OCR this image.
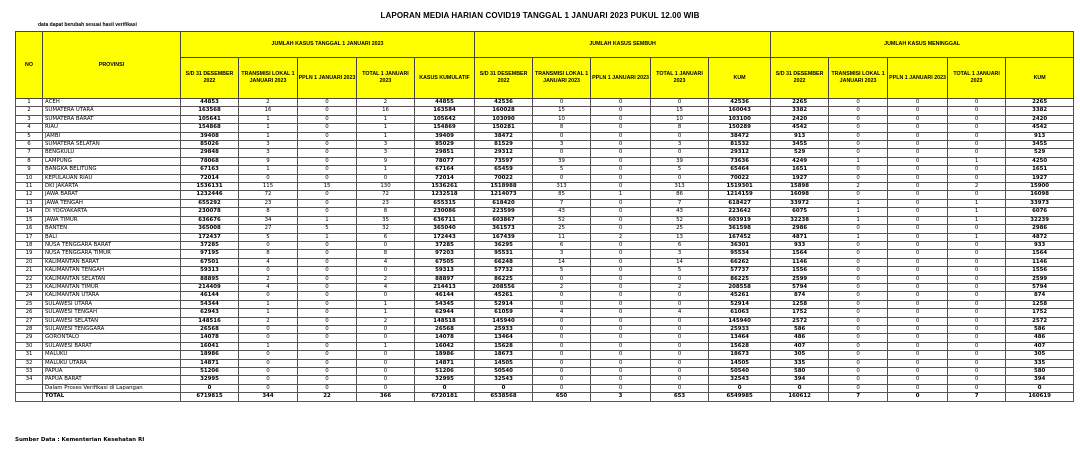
LAPORAN MEDIA HARIAN COVID19 TANGGAL 1 JANUARI 2023 PUKUL 12.00 WIB
data dapat berubah sesuai hasil verifikasi
NO	PROVINSI	JUMLAH KASUS TANGGAL 1 JANUARI 2023					JUMLAH KASUS SEMBUH					JUMLAH KASUS MENINGGAL				
		S/D 31 DESEMBER 2022	TRANSMISI LOKAL 1 JANUARI 2023	PPLN 1 JANUARI 2023	TOTAL 1 JANUARI 2023	KASUS KUMULATIF	S/D 31 DESEMBER 2022	TRANSMISI LOKAL 1 JANUARI 2023	PPLN 1 JANUARI 2023	TOTAL 1 JANUARI 2023	KUM	S/D 31 DESEMBER 2022	TRANSMISI LOKAL 1 JANUARI 2023	PPLN 1 JANUARI 2023	TOTAL 1 JANUARI 2023	KUM
1	ACEH	44853	2	0	2	44855	42536	0	0	0	42536	2265	0	0	0	2265
2	SUMATERA UTARA	163568	16	0	16	163584	160028	15	0	15	160043	3382	0	0	0	3382
3	SUMATERA BARAT	105641	1	0	1	105642	103090	10	0	10	103100	2420	0	0	0	2420
4	RIAU	154868	1	0	1	154869	150281	8	0	8	150289	4542	0	0	0	4542
5	JAMBI	39408	1	0	1	39409	38472	0	0	0	38472	913	0	0	0	913
6	SUMATERA SELATAN	85026	3	0	3	85029	81529	3	0	3	81532	3455	0	0	0	3455
7	BENGKULU	29848	3	0	3	29851	29312	0	0	0	29312	529	0	0	0	529
8	LAMPUNG	78068	9	0	9	78077	73597	39	0	39	73636	4249	1	0	1	4250
9	BANGKA BELITUNG	67163	1	0	1	67164	65459	5	0	5	65464	1651	0	0	0	1651
10	KEPULAUAN RIAU	72014	0	0	0	72014	70022	0	0	0	70022	1927	0	0	0	1927
11	DKI JAKARTA	1536131	115	15	130	1536261	1518988	313	0	313	1519301	15898	2	0	2	15900
12	JAWA BARAT	1232446	72	0	72	1232518	1214073	85	1	86	1214159	16098	0	0	0	16098
13	JAWA TENGAH	655292	23	0	23	655315	618420	7	0	7	618427	33972	1	0	1	33973
14	DI YOGYAKARTA	230078	8	0	8	230086	223599	43	0	43	223642	6075	1	0	1	6076
15	JAWA TIMUR	636676	34	1	35	636711	603867	52	0	52	603919	32238	1	0	1	32239
16	BANTEN	365008	27	5	32	365040	361573	25	0	25	361598	2986	0	0	0	2986
17	BALI	172437	5	1	6	172443	167439	11	2	13	167452	4871	1	0	1	4872
18	NUSA TENGGARA BARAT	37285	0	0	0	37285	36295	6	0	6	36301	933	0	0	0	933
19	NUSA TENGGARA TIMUR	97195	8	0	8	97203	95531	3	0	3	95534	1564	0	0	0	1564
20	KALIMANTAN BARAT	67501	4	0	4	67505	66248	14	0	14	66262	1146	0	0	0	1146
21	KALIMANTAN TENGAH	59313	0	0	0	59313	57732	5	0	5	57737	1556	0	0	0	1556
22	KALIMANTAN SELATAN	88895	2	0	2	88897	86225	0	0	0	86225	2599	0	0	0	2599
23	KALIMANTAN TIMUR	214409	4	0	4	214413	208556	2	0	2	208558	5794	0	0	0	5794
24	KALIMANTAN UTARA	46144	0	0	0	46144	45261	0	0	0	45261	874	0	0	0	874
25	SULAWESI UTARA	54344	1	0	1	54345	52914	0	0	0	52914	1258	0	0	0	1258
26	SULAWESI TENGAH	62943	1	0	1	62944	61059	4	0	4	61063	1752	0	0	0	1752
27	SULAWESI SELATAN	148516	2	0	2	148518	145940	0	0	0	145940	2572	0	0	0	2572
28	SULAWESI TENGGARA	26568	0	0	0	26568	25933	0	0	0	25933	586	0	0	0	586
29	GORONTALO	14078	0	0	0	14078	13464	0	0	0	13464	486	0	0	0	486
30	SULAWESI BARAT	16041	1	0	1	16042	15628	0	0	0	15628	407	0	0	0	407
31	MALUKU	18986	0	0	0	18986	18673	0	0	0	18673	305	0	0	0	305
32	MALUKU UTARA	14871	0	0	0	14871	14505	0	0	0	14505	335	0	0	0	335
33	PAPUA	51206	0	0	0	51206	50540	0	0	0	50540	580	0	0	0	580
34	PAPUA BARAT	32995	0	0	0	32995	32543	0	0	0	32543	394	0	0	0	394
	Dalam Proses Verifikasi di Lapangan	0	0	0	0	0	0	0	0	0	0	0	0	0	0	0
	TOTAL	6719815	344	22	366	6720181	6538568	650	3	653	6549985	160612	7	0	7	160619
Sumber Data : Kementerian Kesehatan RI
